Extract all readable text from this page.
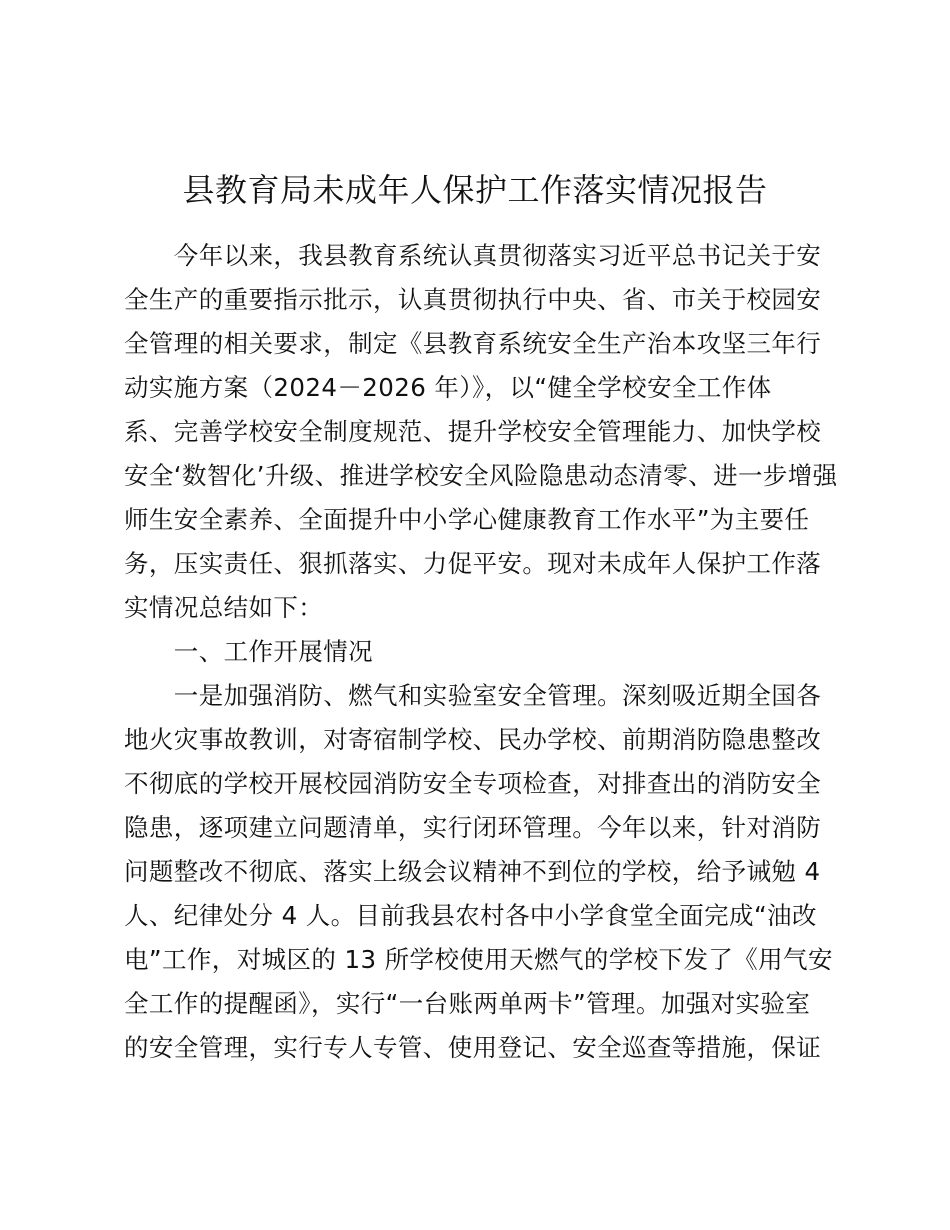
县教育局未成年人保护工作落实情况报告

　　今年以来，我县教育系统认真贯彻落实习近平总书记关于安

全生产的重要指示批示，认真贯彻执行中央、省、市关于校园安

全管理的相关要求，制定《县教育系统安全生产治本攻坚三年行

动实施方案（2024－2026 年）》，以“健全学校安全工作体

系、完善学校安全制度规范、提升学校安全管理能力、加快学校

安全‘数智化’升级、推进学校安全风险隐患动态清零、进一步增强

师生安全素养、全面提升中小学心健康教育工作水平”为主要任

务，压实责任、狠抓落实、力促平安。现对未成年人保护工作落

实情况总结如下：

　　一、工作开展情况

　　一是加强消防、燃气和实验室安全管理。深刻吸近期全国各

地火灾事故教训，对寄宿制学校、民办学校、前期消防隐患整改

不彻底的学校开展校园消防安全专项检查，对排查出的消防安全

隐患，逐项建立问题清单，实行闭环管理。今年以来，针对消防

问题整改不彻底、落实上级会议精神不到位的学校，给予诫勉 4

人、纪律处分 4 人。目前我县农村各中小学食堂全面完成“油改

电”工作，对城区的 13 所学校使用天燃气的学校下发了《用气安

全工作的提醒函》，实行“一台账两单两卡”管理。加强对实验室

的安全管理，实行专人专管、使用登记、安全巡查等措施，保证
